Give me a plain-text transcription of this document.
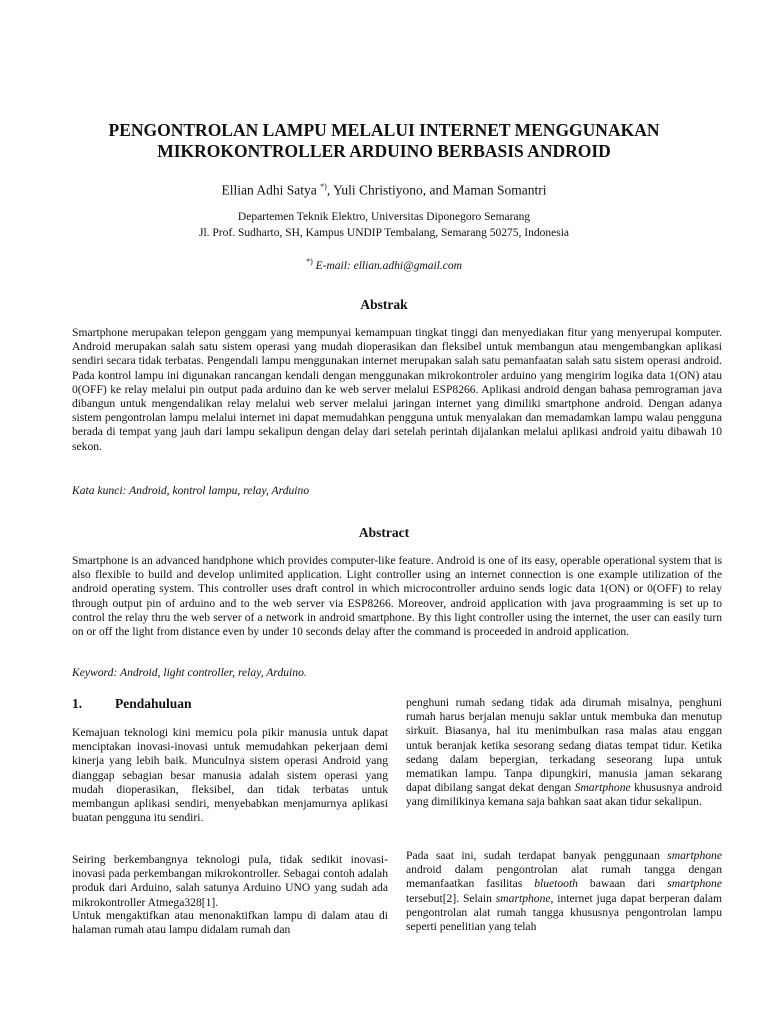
PENGONTROLAN LAMPU MELALUI INTERNET MENGGUNAKAN
MIKROKONTROLLER ARDUINO BERBASIS ANDROID
Ellian Adhi Satya *), Yuli Christiyono, and Maman Somantri
Departemen Teknik Elektro, Universitas Diponegoro Semarang
Jl. Prof. Sudharto, SH, Kampus UNDIP Tembalang, Semarang 50275, Indonesia
*) E-mail: ellian.adhi@gmail.com
Abstrak

Smartphone merupakan telepon genggam yang mempunyai kemampuan tingkat tinggi dan menyediakan fitur yang menyerupai komputer. Android merupakan salah satu sistem operasi yang mudah dioperasikan dan fleksibel untuk membangun atau mengembangkan aplikasi sendiri secara tidak terbatas. Pengendali lampu menggunakan internet merupakan salah satu pemanfaatan salah satu sistem operasi android. Pada kontrol lampu ini digunakan rancangan kendali dengan menggunakan mikrokontroler arduino yang mengirim logika data 1(ON) atau 0(OFF) ke relay melalui pin output pada arduino dan ke web server melalui ESP8266. Aplikasi android dengan bahasa pemrograman java dibangun untuk mengendalikan relay melalui web server melalui jaringan internet yang dimiliki smartphone android. Dengan adanya sistem pengontrolan lampu melalui internet ini dapat memudahkan pengguna untuk menyalakan dan memadamkan lampu walau pengguna berada di tempat yang jauh dari lampu sekalipun dengan delay dari setelah perintah dijalankan melalui aplikasi android yaitu dibawah 10 sekon.

Kata kunci: Android, kontrol lampu, relay, Arduino
Abstract

Smartphone is an advanced handphone which provides computer-like feature. Android is one of its easy, operable operational system that is also flexible to build and develop unlimited application. Light controller using an internet connection is one example utilization of the android operating system. This controller uses draft control in which microcontroller arduino sends logic data 1(ON) or 0(OFF) to relay through output pin of arduino and to the web server via ESP8266. Moreover, android application with java prograamming is set up to control the relay thru the web server of a network in android smartphone. By this light controller using the internet, the user can easily turn on or off the light from distance even by under 10 seconds delay after the command is proceeded in android application.

Keyword: Android, light controller, relay, Arduino.
1. Pendahuluan

Kemajuan teknologi kini memicu pola pikir manusia untuk dapat menciptakan inovasi-inovasi untuk memudahkan pekerjaan demi kinerja yang lebih baik. Munculnya sistem operasi Android yang dianggap sebagian besar manusia adalah sistem operasi yang mudah dioperasikan, fleksibel, dan tidak terbatas untuk membangun aplikasi sendiri, menyebabkan menjamurnya aplikasi buatan pengguna itu sendiri.

Seiring berkembangnya teknologi pula, tidak sedikit inovasi-inovasi pada perkembangan mikrokontroller. Sebagai contoh adalah produk dari Arduino, salah satunya Arduino UNO yang sudah ada mikrokontroller Atmega328[1].

Untuk mengaktifkan atau menonaktifkan lampu di dalam atau di halaman rumah atau lampu didalam rumah dan

penghuni rumah sedang tidak ada dirumah misalnya, penghuni rumah harus berjalan menuju saklar untuk membuka dan menutup sirkuit. Biasanya, hal itu menimbulkan rasa malas atau enggan untuk beranjak ketika sesorang sedang diatas tempat tidur. Ketika sedang dalam bepergian, terkadang seseorang lupa untuk mematikan lampu. Tanpa dipungkiri, manusia jaman sekarang dapat dibilang sangat dekat dengan Smartphone khususnya android yang dimilikinya kemana saja bahkan saat akan tidur sekalipun.

Pada saat ini, sudah terdapat banyak penggunaan smartphone android dalam pengontrolan alat rumah tangga dengan memanfaatkan fasilitas bluetooth bawaan dari smartphone tersebut[2]. Selain smartphone, internet juga dapat berperan dalam pengontrolan alat rumah tangga khususnya pengontrolan lampu seperti penelitian yang telah
